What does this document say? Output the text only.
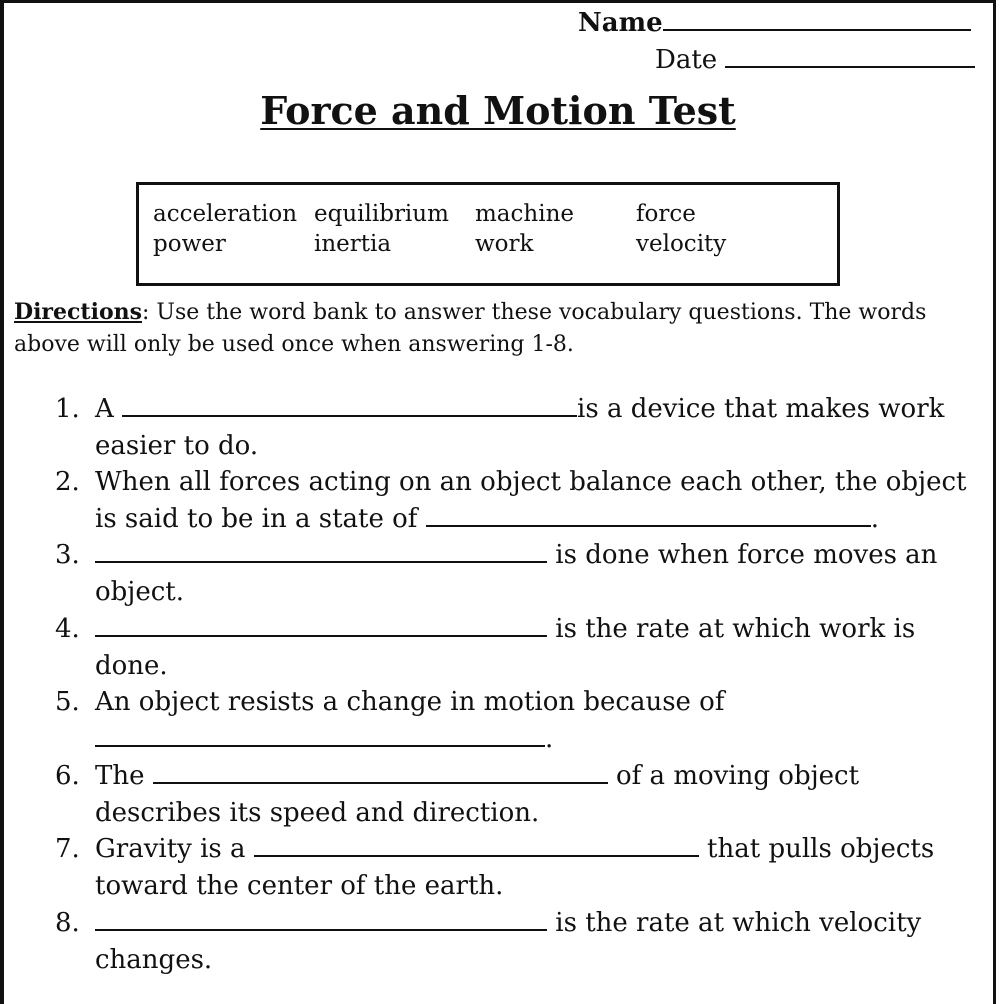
Name
Date
Force and Motion Test
acceleration equilibrium machine	force
power	inertia	work	velocity

Directions: Use the word bank to answer these vocabulary questions. The words above will only be used once when answering 1-8.

1. A	is a device that makes work
easier to do.
2. When all forces acting on an object balance each other, the object
is said to be in a state of	.
3.	is done when force moves an
object.
4.	is the rate at which work is
done.
5. An object resists a change in motion because of
.
6. The	of a moving object
describes its speed and direction.
7. Gravity is a	that pulls objects
toward the center of the earth.
8.	is the rate at which velocity
changes.
